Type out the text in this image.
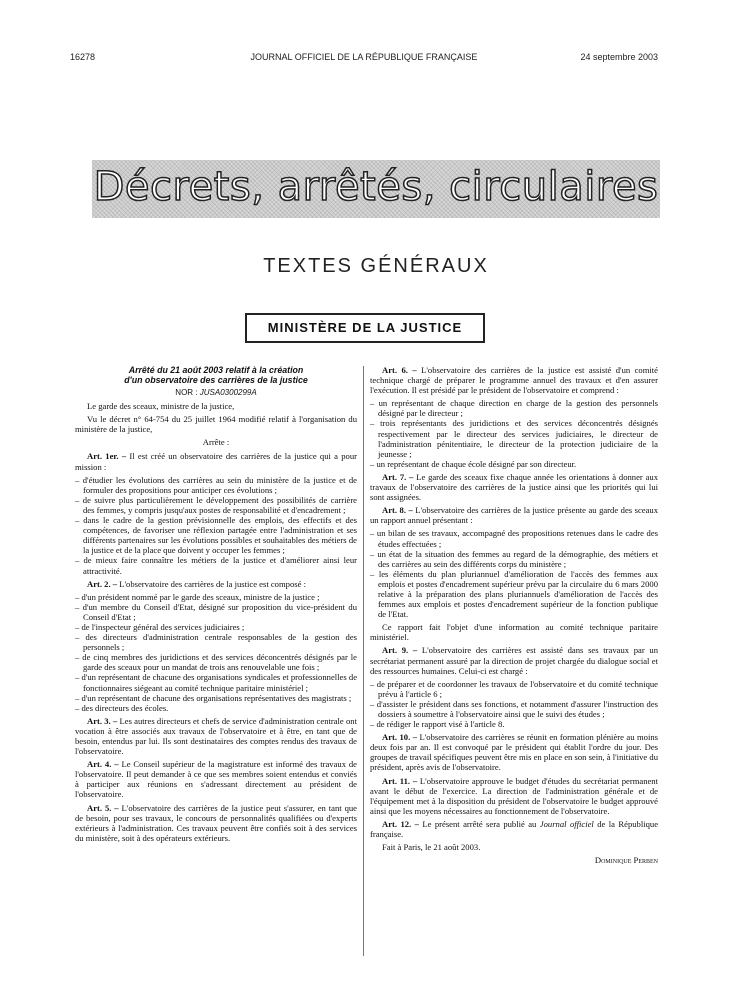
16278	JOURNAL OFFICIEL DE LA RÉPUBLIQUE FRANÇAISE	24 septembre 2003
Décrets, arrêtés, circulaires
TEXTES GÉNÉRAUX
MINISTÈRE DE LA JUSTICE

Arrêté du 21 août 2003 relatif à la création
d'un observatoire des carrières de la justice

NOR : JUSA0300299A

Le garde des sceaux, ministre de la justice,

Vu le décret n° 64-754 du 25 juillet 1964 modifié relatif à l'organisation du ministère de la justice,

Arrête :

Art. 1er. – Il est créé un observatoire des carrières de la justice qui a pour mission :

– d'étudier les évolutions des carrières au sein du ministère de la justice et de formuler des propositions pour anticiper ces évolutions ;
– de suivre plus particulièrement le développement des possibilités de carrière des femmes, y compris jusqu'aux postes de responsabilité et d'encadrement ;
– dans le cadre de la gestion prévisionnelle des emplois, des effectifs et des compétences, de favoriser une réflexion partagée entre l'administration et ses différents partenaires sur les évolutions possibles et souhaitables des métiers de la justice et de la place que doivent y occuper les femmes ;
– de mieux faire connaître les métiers de la justice et d'améliorer ainsi leur attractivité.

Art. 2. – L'observatoire des carrières de la justice est composé :

– d'un président nommé par le garde des sceaux, ministre de la justice ;
– d'un membre du Conseil d'Etat, désigné sur proposition du vice-président du Conseil d'Etat ;
– de l'inspecteur général des services judiciaires ;
– des directeurs d'administration centrale responsables de la gestion des personnels ;
– de cinq membres des juridictions et des services déconcentrés désignés par le garde des sceaux pour un mandat de trois ans renouvelable une fois ;
– d'un représentant de chacune des organisations syndicales et professionnelles de fonctionnaires siégeant au comité technique paritaire ministériel ;
– d'un représentant de chacune des organisations représentatives des magistrats ;
– des directeurs des écoles.

Art. 3. – Les autres directeurs et chefs de service d'administration centrale ont vocation à être associés aux travaux de l'observatoire et à être, en tant que de besoin, entendus par lui. Ils sont destinataires des comptes rendus des travaux de l'observatoire.

Art. 4. – Le Conseil supérieur de la magistrature est informé des travaux de l'observatoire. Il peut demander à ce que ses membres soient entendus et conviés à participer aux réunions en s'adressant directement au président de l'observatoire.

Art. 5. – L'observatoire des carrières de la justice peut s'assurer, en tant que de besoin, pour ses travaux, le concours de personnalités qualifiées ou d'experts extérieurs à l'administration. Ces travaux peuvent être confiés soit à des services du ministère, soit à des opérateurs extérieurs.

Art. 6. – L'observatoire des carrières de la justice est assisté d'un comité technique chargé de préparer le programme annuel des travaux et d'en assurer l'exécution. Il est présidé par le président de l'observatoire et comprend :

– un représentant de chaque direction en charge de la gestion des personnels désigné par le directeur ;
– trois représentants des juridictions et des services déconcentrés désignés respectivement par le directeur des services judiciaires, le directeur de l'administration pénitentiaire, le directeur de la protection judiciaire de la jeunesse ;
– un représentant de chaque école désigné par son directeur.

Art. 7. – Le garde des sceaux fixe chaque année les orientations à donner aux travaux de l'observatoire des carrières de la justice ainsi que les priorités qui lui sont assignées.

Art. 8. – L'observatoire des carrières de la justice présente au garde des sceaux un rapport annuel présentant :

– un bilan de ses travaux, accompagné des propositions retenues dans le cadre des études effectuées ;
– un état de la situation des femmes au regard de la démographie, des métiers et des carrières au sein des différents corps du ministère ;
– les éléments du plan pluriannuel d'amélioration de l'accès des femmes aux emplois et postes d'encadrement supérieur prévu par la circulaire du 6 mars 2000 relative à la préparation des plans pluriannuels d'amélioration de l'accès des femmes aux emplois et postes d'encadrement supérieur de la fonction publique de l'Etat.

Ce rapport fait l'objet d'une information au comité technique paritaire ministériel.

Art. 9. – L'observatoire des carrières est assisté dans ses travaux par un secrétariat permanent assuré par la direction de projet chargée du dialogue social et des ressources humaines. Celui-ci est chargé :

– de préparer et de coordonner les travaux de l'observatoire et du comité technique prévu à l'article 6 ;
– d'assister le président dans ses fonctions, et notamment d'assurer l'instruction des dossiers à soumettre à l'observatoire ainsi que le suivi des études ;
– de rédiger le rapport visé à l'article 8.

Art. 10. – L'observatoire des carrières se réunit en formation plénière au moins deux fois par an. Il est convoqué par le président qui établit l'ordre du jour. Des groupes de travail spécifiques peuvent être mis en place en son sein, à l'initiative du président, après avis de l'observatoire.

Art. 11. – L'observatoire approuve le budget d'études du secrétariat permanent avant le début de l'exercice. La direction de l'administration générale et de l'équipement met à la disposition du président de l'observatoire le budget approuvé ainsi que les moyens nécessaires au fonctionnement de l'observatoire.

Art. 12. – Le présent arrêté sera publié au Journal officiel de la République française.

Fait à Paris, le 21 août 2003.

Dominique Perben
